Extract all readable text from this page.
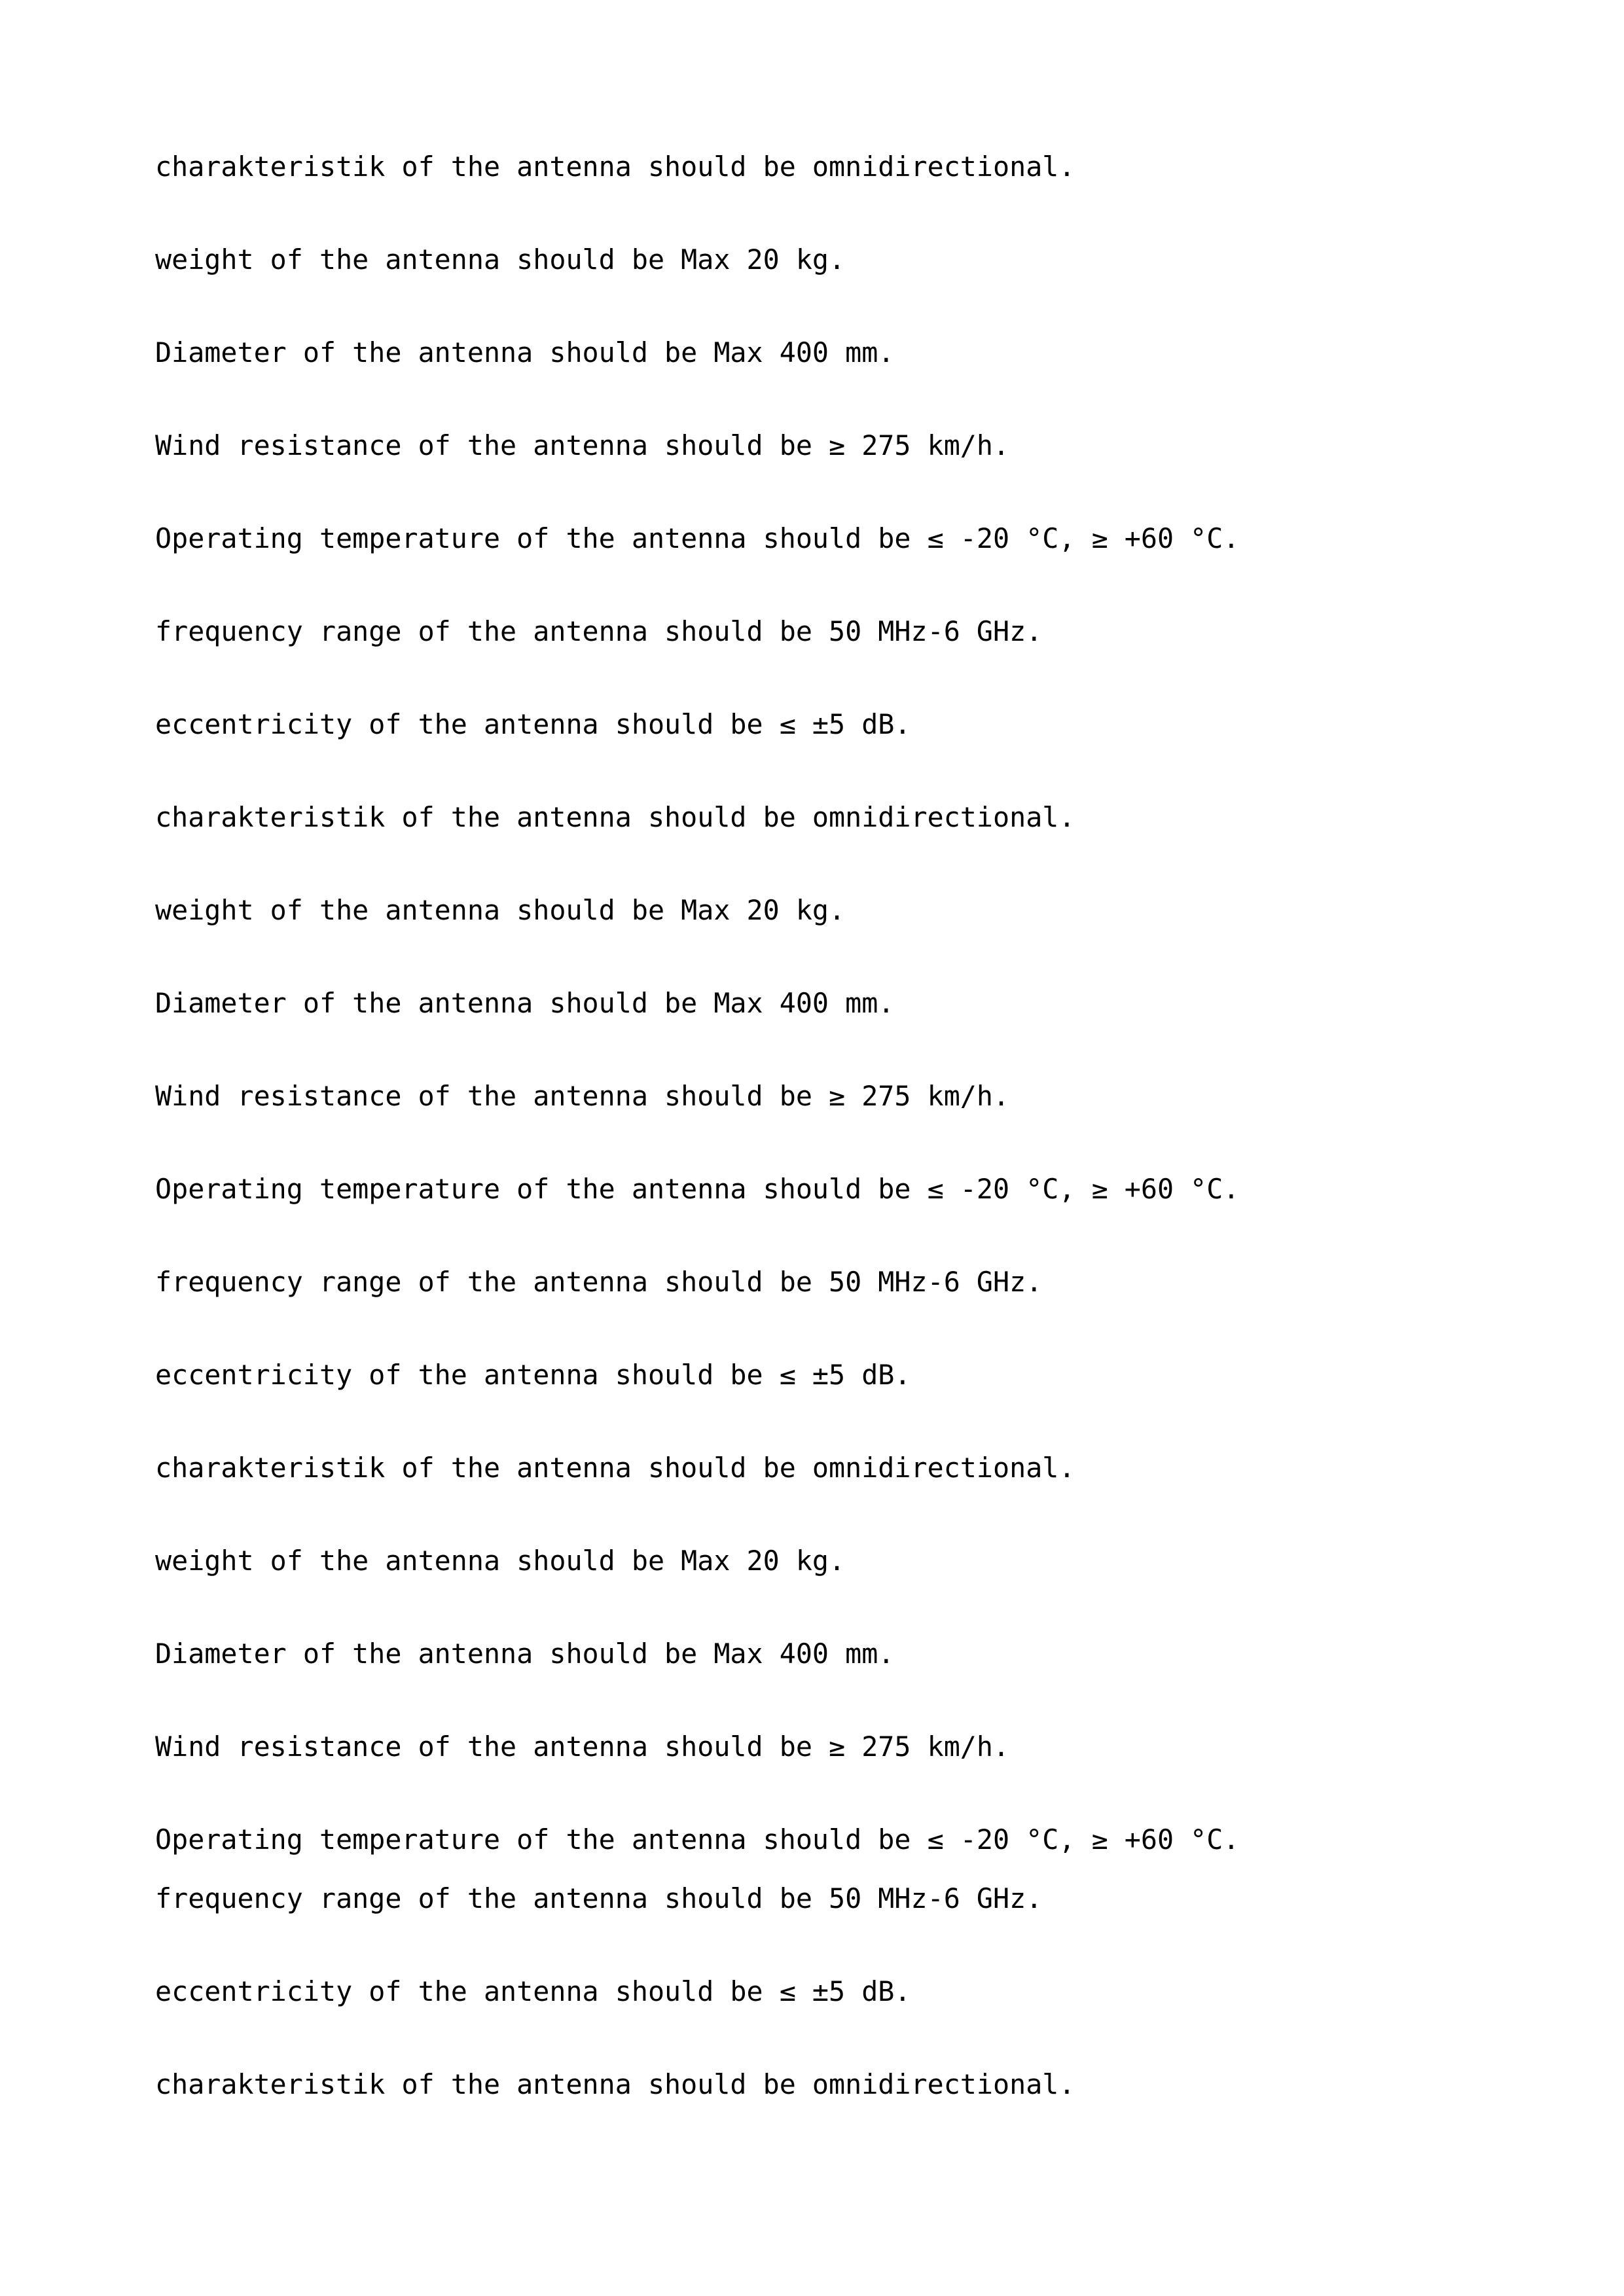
charakteristik of the antenna should be omnidirectional.

weight of the antenna should be Max 20 kg.

Diameter of the antenna should be Max 400 mm.

Wind resistance of the antenna should be ≥ 275 km/h.

Operating temperature of the antenna should be ≤ -20 °C, ≥ +60 °C.

frequency range of the antenna should be 50 MHz-6 GHz.

eccentricity of the antenna should be ≤ ±5 dB.

charakteristik of the antenna should be omnidirectional.

weight of the antenna should be Max 20 kg.

Diameter of the antenna should be Max 400 mm.

Wind resistance of the antenna should be ≥ 275 km/h.

Operating temperature of the antenna should be ≤ -20 °C, ≥ +60 °C.

frequency range of the antenna should be 50 MHz-6 GHz.

eccentricity of the antenna should be ≤ ±5 dB.

charakteristik of the antenna should be omnidirectional.

weight of the antenna should be Max 20 kg.

Diameter of the antenna should be Max 400 mm.

Wind resistance of the antenna should be ≥ 275 km/h.

Operating temperature of the antenna should be ≤ -20 °C, ≥ +60 °C.

frequency range of the antenna should be 50 MHz-6 GHz.

eccentricity of the antenna should be ≤ ±5 dB.

charakteristik of the antenna should be omnidirectional.
